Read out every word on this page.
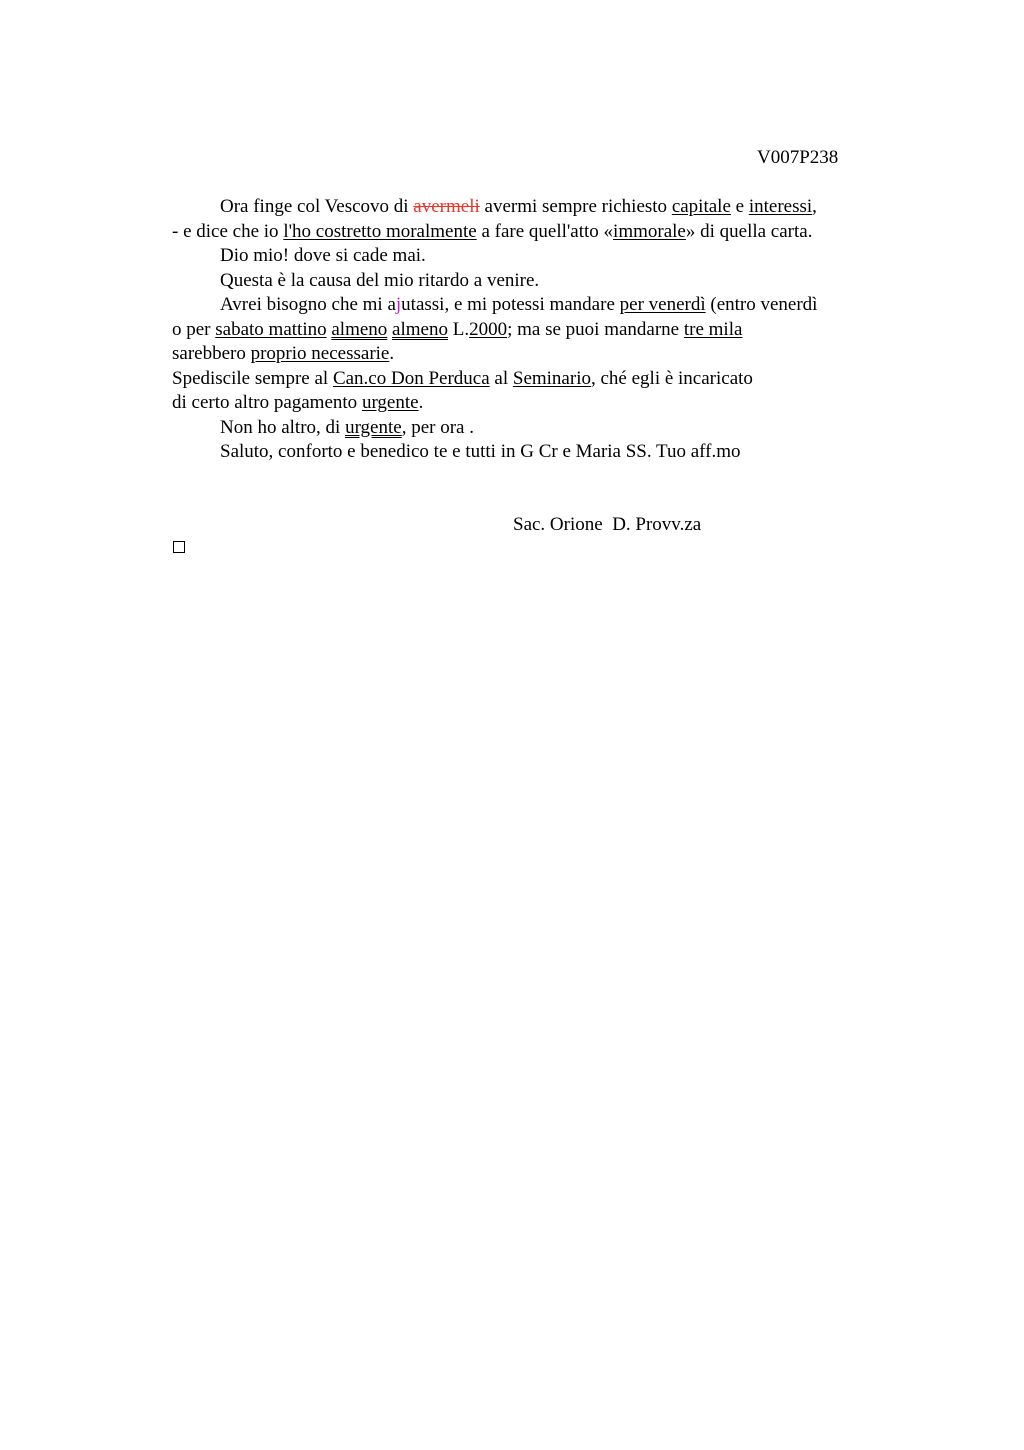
V007P238
Ora finge col Vescovo di avermeli avermi sempre richiesto capitale e interessi,
- e dice che io l'ho costretto moralmente a fare quell'atto «immorale» di quella carta.
Dio mio! dove si cade mai.
Questa è la causa del mio ritardo a venire.
Avrei bisogno che mi ajutassi, e mi potessi mandare per venerdì (entro venerdì
o per sabato mattino almeno almeno L.2000; ma se puoi mandarne tre mila
sarebbero proprio necessarie.
Spediscile sempre al Can.co Don Perduca al Seminario, ché egli è incaricato
di certo altro pagamento urgente.
Non ho altro, di urgente, per ora .
Saluto, conforto e benedico te e tutti in G Cr e Maria SS. Tuo aff.mo
Sac. Orione  D. Provv.za
